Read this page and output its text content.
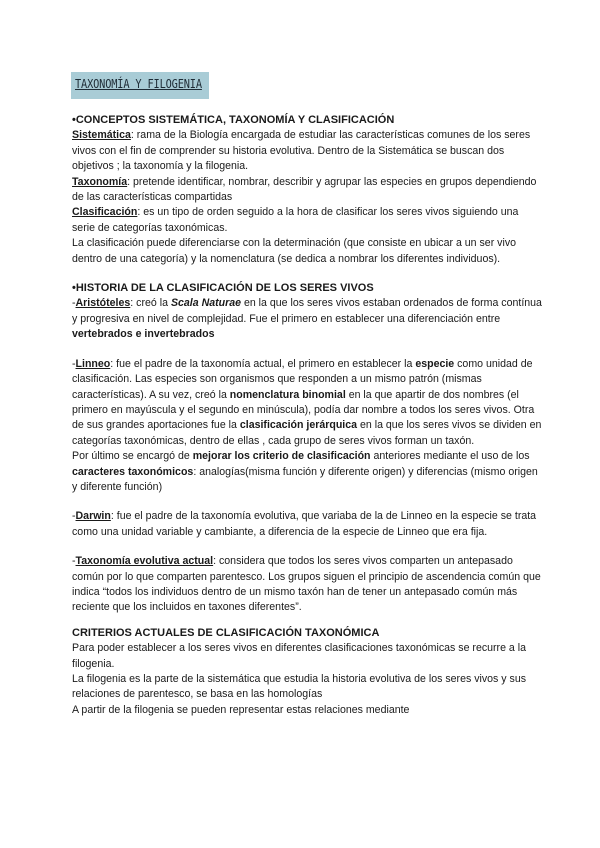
TAXONOMÍA Y FILOGENIA

•CONCEPTOS SISTEMÁTICA, TAXONOMÍA Y CLASIFICACIÓN

Sistemática: rama de la Biología encargada de estudiar las características comunes de los seres vivos con el fin de comprender su historia evolutiva. Dentro de la Sistemática se buscan dos objetivos ; la taxonomía y la filogenia.

Taxonomía: pretende identificar, nombrar, describir y agrupar las especies en grupos dependiendo de las características compartidas

Clasificación: es un tipo de orden seguido a la hora de clasificar los seres vivos siguiendo una serie de categorías taxonómicas.

La clasificación puede diferenciarse con la determinación (que consiste en ubicar a un ser vivo dentro de una categoría) y la nomenclatura (se dedica a nombrar los diferentes individuos).

•HISTORIA DE LA CLASIFICACIÓN DE LOS SERES VIVOS

-Aristóteles: creó la Scala Naturae en la que los seres vivos estaban ordenados de forma contínua y progresiva en nivel de complejidad. Fue el primero en establecer una diferenciación entre vertebrados e invertebrados

-Linneo: fue el padre de la taxonomía actual, el primero en establecer la especie como unidad de clasificación. Las especies son organismos que responden a un mismo patrón (mismas características). A su vez, creó la nomenclatura binomial en la que apartir de dos nombres (el primero en mayúscula y el segundo en minúscula), podía dar nombre a todos los seres vivos. Otra de sus grandes aportaciones fue la clasificación jerárquica en la que los seres vivos se dividen en categorías taxonómicas, dentro de ellas , cada grupo de seres vivos forman un taxón.

Por último se encargó de mejorar los criterio de clasificación anteriores mediante el uso de los caracteres taxonómicos: analogías(misma función y diferente origen) y diferencias (mismo origen y diferente función)

-Darwin: fue el padre de la taxonomía evolutiva, que variaba de la de Linneo en la especie se trata como una unidad variable y cambiante, a diferencia de la especie de Linneo que era fija.

-Taxonomía evolutiva actual: considera que todos los seres vivos comparten un antepasado común por lo que comparten parentesco. Los grupos siguen el principio de ascendencia común que indica “todos los individuos dentro de un mismo taxón han de tener un antepasado común más reciente que los incluidos en taxones diferentes”.

CRITERIOS ACTUALES DE CLASIFICACIÓN TAXONÓMICA

Para poder establecer a los seres vivos en diferentes clasificaciones taxonómicas se recurre a la filogenia.

La filogenia es la parte de la sistemática que estudia la historia evolutiva de los seres vivos y sus relaciones de parentesco, se basa en las homologías

A partir de la filogenia se pueden representar estas relaciones mediante
